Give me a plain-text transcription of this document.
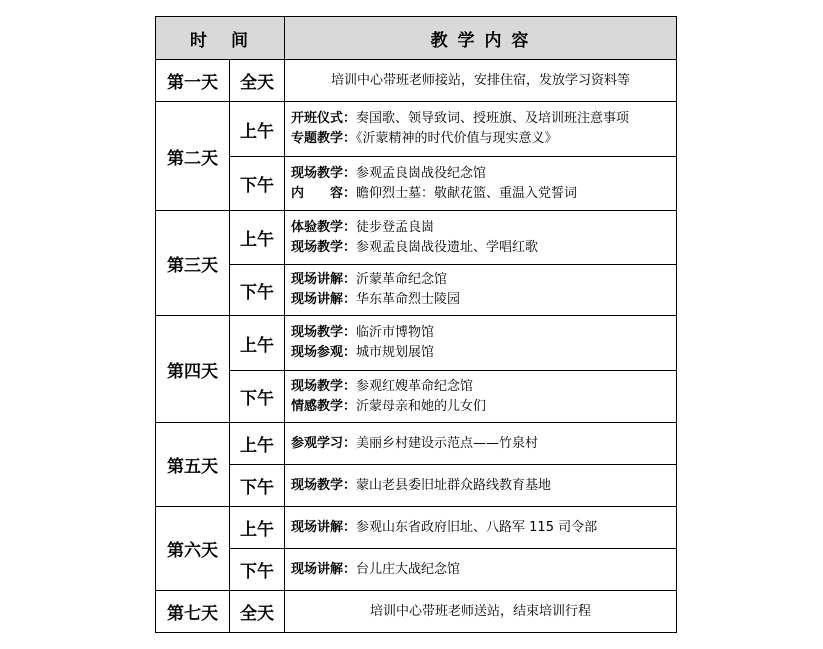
时 间		教 学 内 容
第一天	全天	培训中心带班老师接站，安排住宿，发放学习资料等

第二天	上午	开班仪式：奏国歌、领导致词、授班旗、及培训班注意事项
专题教学：《沂蒙精神的时代价值与现实意义》

	下午	现场教学：参观孟良崮战役纪念馆
内　　容：瞻仰烈士墓：敬献花篮、重温入党誓词

第三天	上午	体验教学：徒步登孟良崮
现场教学：参观孟良崮战役遗址、学唱红歌

	下午	现场讲解：沂蒙革命纪念馆
现场讲解：华东革命烈士陵园

第四天	上午	现场教学：临沂市博物馆
现场参观：城市规划展馆

	下午	现场教学：参观红嫂革命纪念馆
情感教学：沂蒙母亲和她的儿女们

第五天	上午	参观学习：美丽乡村建设示范点——竹泉村

	下午	现场教学：蒙山老县委旧址群众路线教育基地

第六天	上午	现场讲解：参观山东省政府旧址、八路军 115 司令部

	下午	现场讲解：台儿庄大战纪念馆

第七天	全天	培训中心带班老师送站，结束培训行程
